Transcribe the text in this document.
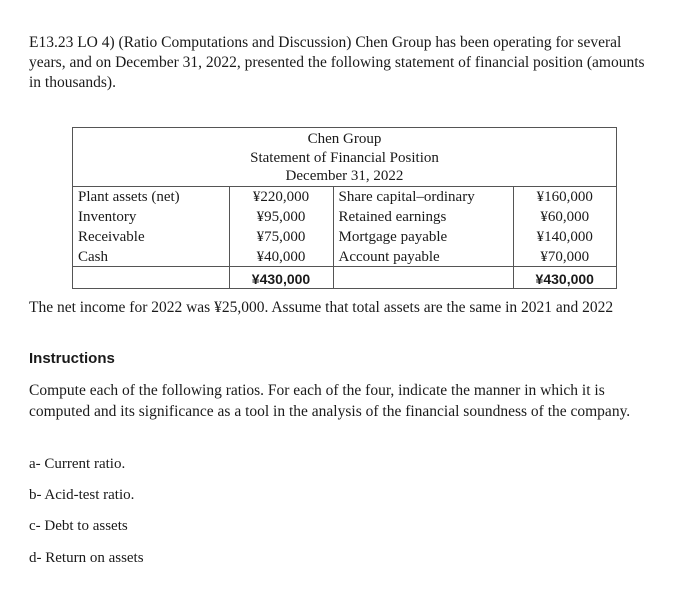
E13.23 LO 4) (Ratio Computations and Discussion) Chen Group has been operating for several years, and on December 31, 2022, presented the following statement of financial position (amounts in thousands).
Chen Group
Statement of Financial Position
December 31, 2022
Plant assets (net)	¥220,000	Share capital–ordinary	¥160,000
Inventory	¥95,000	Retained earnings	¥60,000
Receivable	¥75,000	Mortgage payable	¥140,000
Cash	¥40,000	Account payable	¥70,000
	¥430,000		¥430,000
The net income for 2022 was ¥25,000. Assume that total assets are the same in 2021 and 2022
Instructions
Compute each of the following ratios. For each of the four, indicate the manner in which it is computed and its significance as a tool in the analysis of the financial soundness of the company.
a- Current ratio.
b- Acid-test ratio.
c- Debt to assets
d- Return on assets
